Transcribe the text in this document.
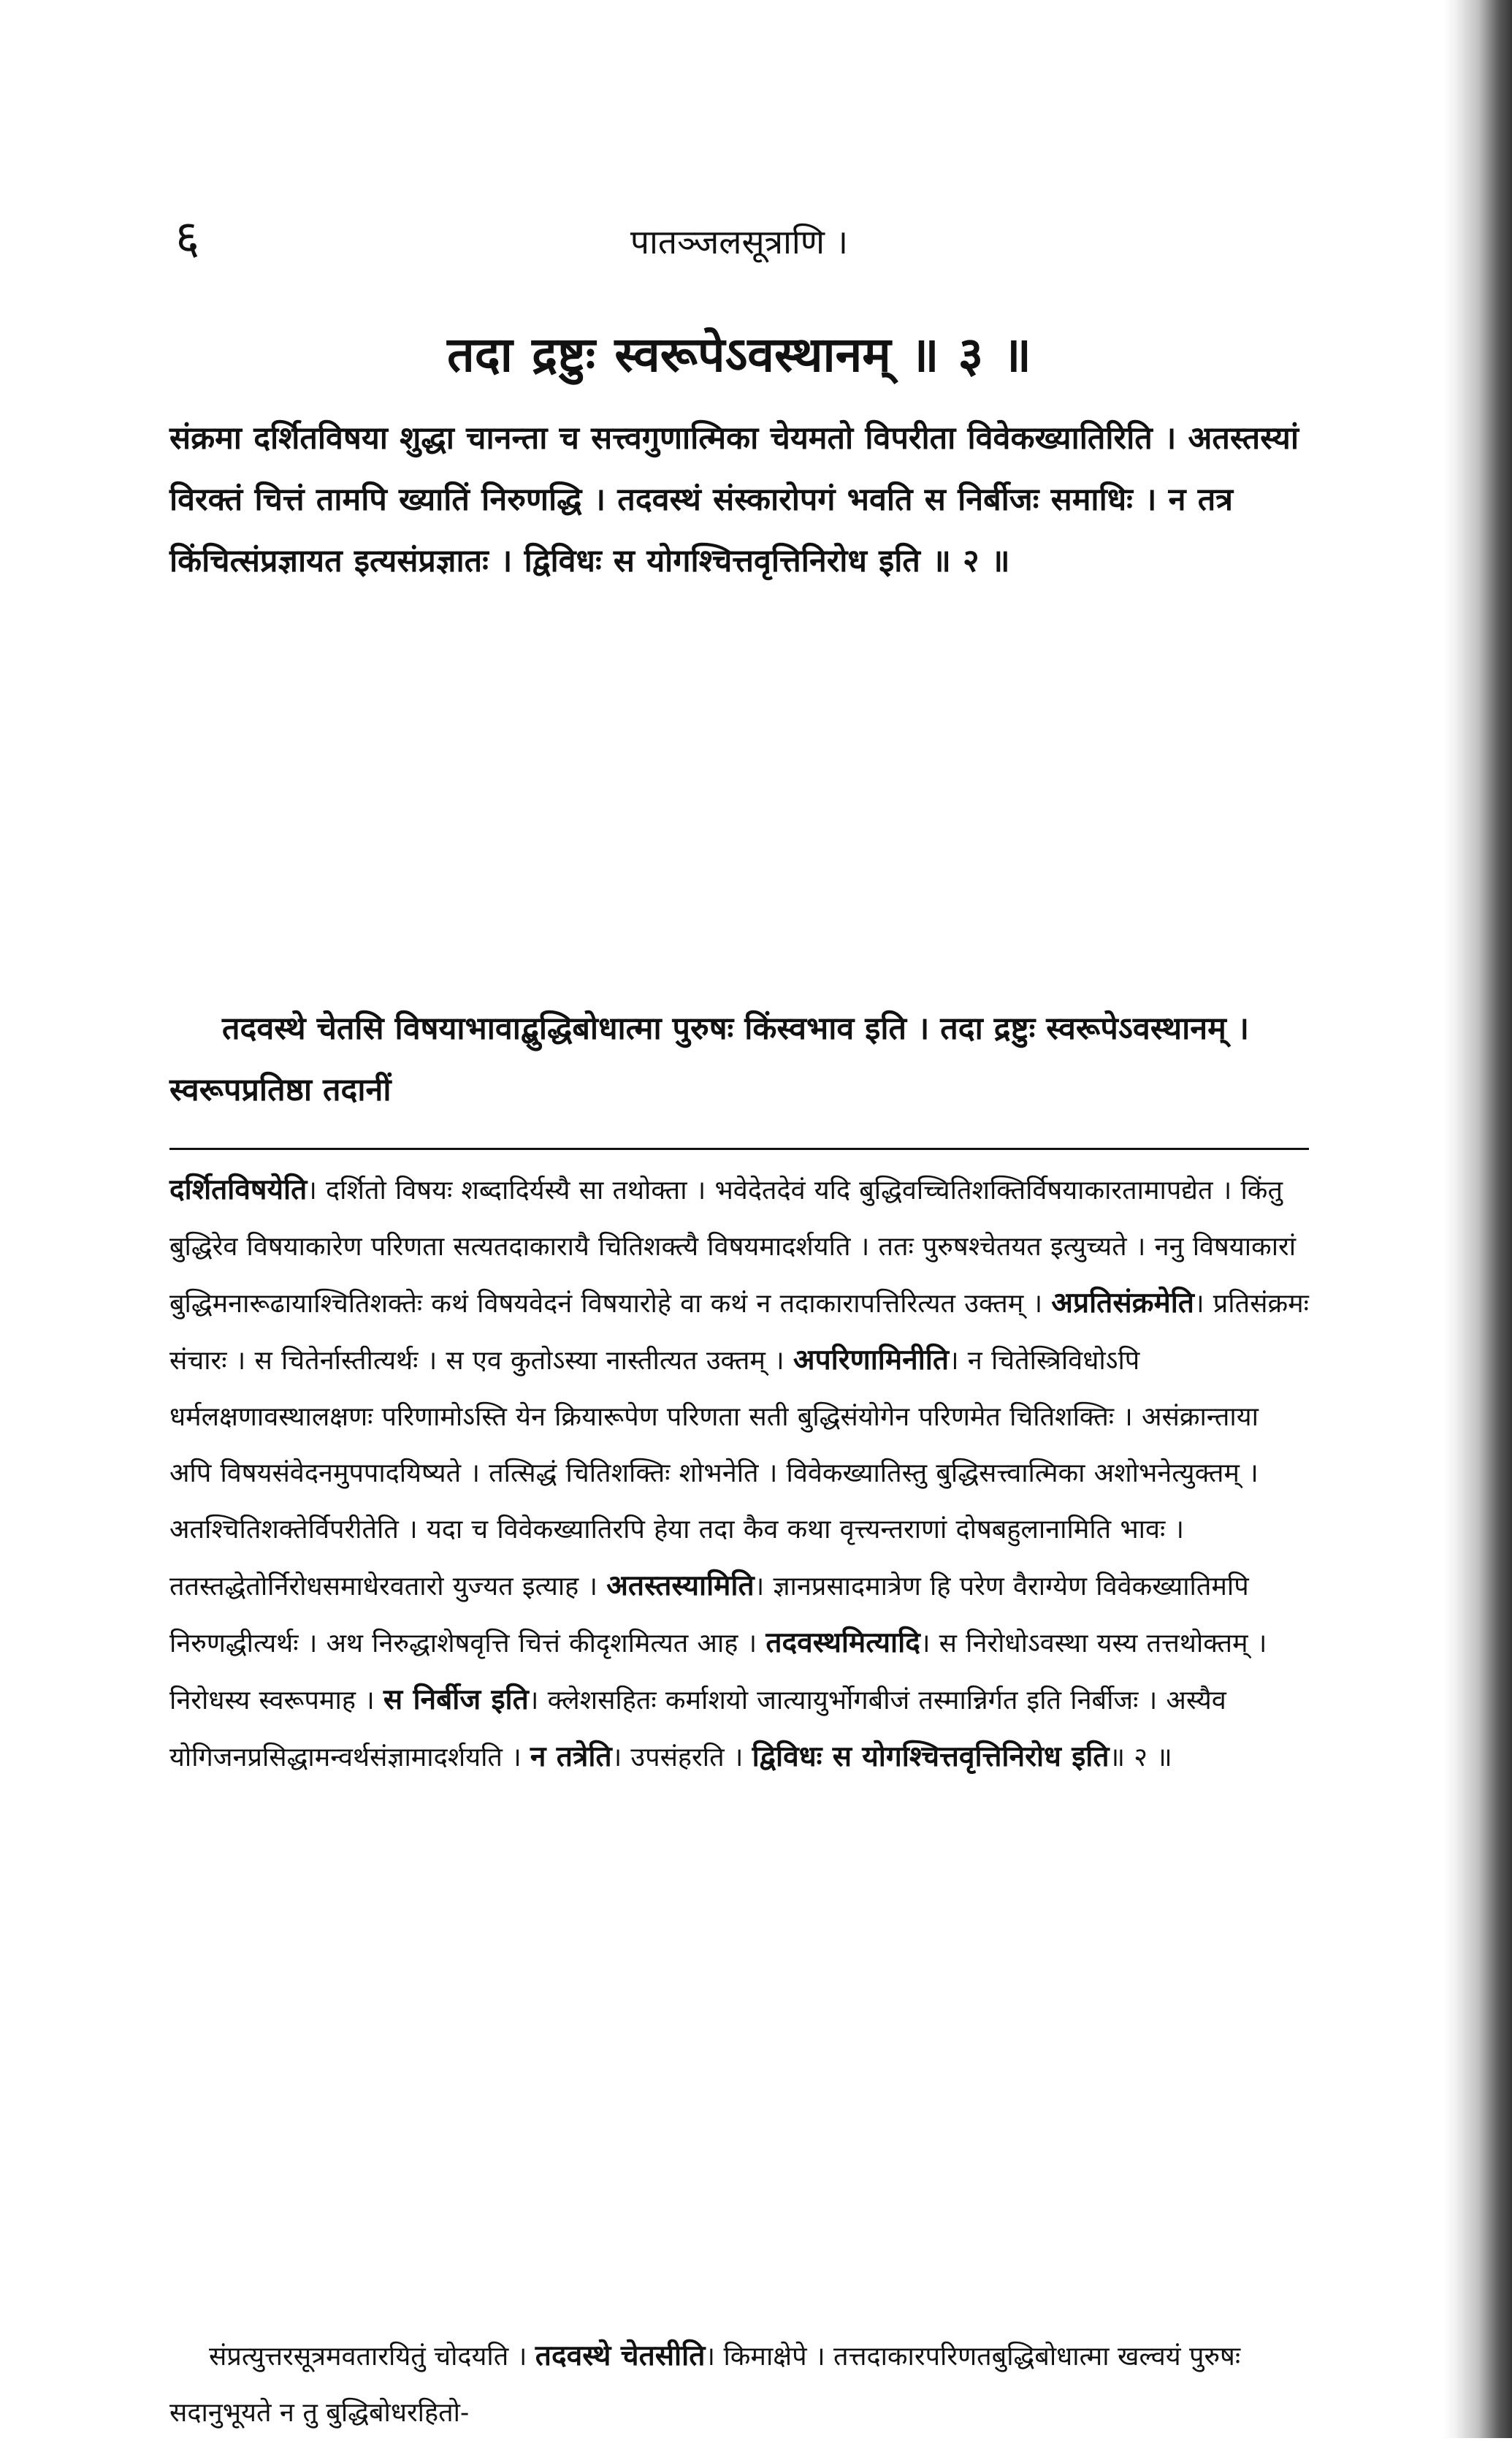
६	पातञ्जलसूत्राणि ।
तदा द्रष्टुः स्वरूपेऽवस्थानम् ॥ ३ ॥

संक्रमा दर्शितविषया शुद्धा चानन्ता च सत्त्वगुणात्मिका चेयमतो विपरीता विवेकख्यातिरिति । अतस्तस्यां विरक्तं चित्तं तामपि ख्यातिं निरुणद्धि । तदवस्थं संस्कारोपगं भवति स निर्बीजः समाधिः । न तत्र किंचित्संप्रज्ञायत इत्यसंप्रज्ञातः । द्विविधः स योगश्चित्तवृत्तिनिरोध इति ॥ २ ॥

तदवस्थे चेतसि विषयाभावाद्बुद्धिबोधात्मा पुरुषः किंस्वभाव इति । तदा द्रष्टुः स्वरूपेऽवस्थानम् । स्वरूपप्रतिष्ठा तदानीं

दर्शितविषयेति। दर्शितो विषयः शब्दादिर्यस्यै सा तथोक्ता । भवेदेतदेवं यदि बुद्धिवच्चितिशक्तिर्विषयाकारतामापद्येत । किंतु बुद्धिरेव विषयाकारेण परिणता सत्यतदाकारायै चितिशक्त्यै विषयमादर्शयति । ततः पुरुषश्चेतयत इत्युच्यते । ननु विषयाकारां बुद्धिमनारूढायाश्चितिशक्तेः कथं विषयवेदनं विषयारोहे वा कथं न तदाकारापत्तिरित्यत उक्तम् । अप्रतिसंक्रमेति। प्रतिसंक्रमः संचारः । स चितेर्नास्तीत्यर्थः । स एव कुतोऽस्या नास्तीत्यत उक्तम् । अपरिणामिनीति। न चितेस्त्रिविधोऽपि धर्मलक्षणावस्थालक्षणः परिणामोऽस्ति येन क्रियारूपेण परिणता सती बुद्धिसंयोगेन परिणमेत चितिशक्तिः । असंक्रान्ताया अपि विषयसंवेदनमुपपादयिष्यते । तत्सिद्धं चितिशक्तिः शोभनेति । विवेकख्यातिस्तु बुद्धिसत्त्वात्मिका अशोभनेत्युक्तम् । अतश्चितिशक्तेर्विपरीतेति । यदा च विवेकख्यातिरपि हेया तदा कैव कथा वृत्त्यन्तराणां दोषबहुलानामिति भावः । ततस्तद्धेतोर्निरोधसमाधेरवतारो युज्यत इत्याह । अतस्तस्यामिति। ज्ञानप्रसादमात्रेण हि परेण वैराग्येण विवेकख्यातिमपि निरुणद्धीत्यर्थः । अथ निरुद्धाशेषवृत्ति चित्तं कीदृशमित्यत आह । तदवस्थमित्यादि। स निरोधोऽवस्था यस्य तत्तथोक्तम् । निरोधस्य स्वरूपमाह । स निर्बीज इति। क्लेशसहितः कर्माशयो जात्यायुर्भोगबीजं तस्मान्निर्गत इति निर्बीजः । अस्यैव योगिजनप्रसिद्धामन्वर्थसंज्ञामादर्शयति । न तत्रेति। उपसंहरति । द्विविधः स योगश्चित्तवृत्तिनिरोध इति॥ २ ॥

संप्रत्युत्तरसूत्रमवतारयितुं चोदयति । तदवस्थे चेतसीति। किमाक्षेपे । तत्तदाकारपरिणतबुद्धिबोधात्मा खल्वयं पुरुषः सदानुभूयते न तु बुद्धिबोधरहितो-
